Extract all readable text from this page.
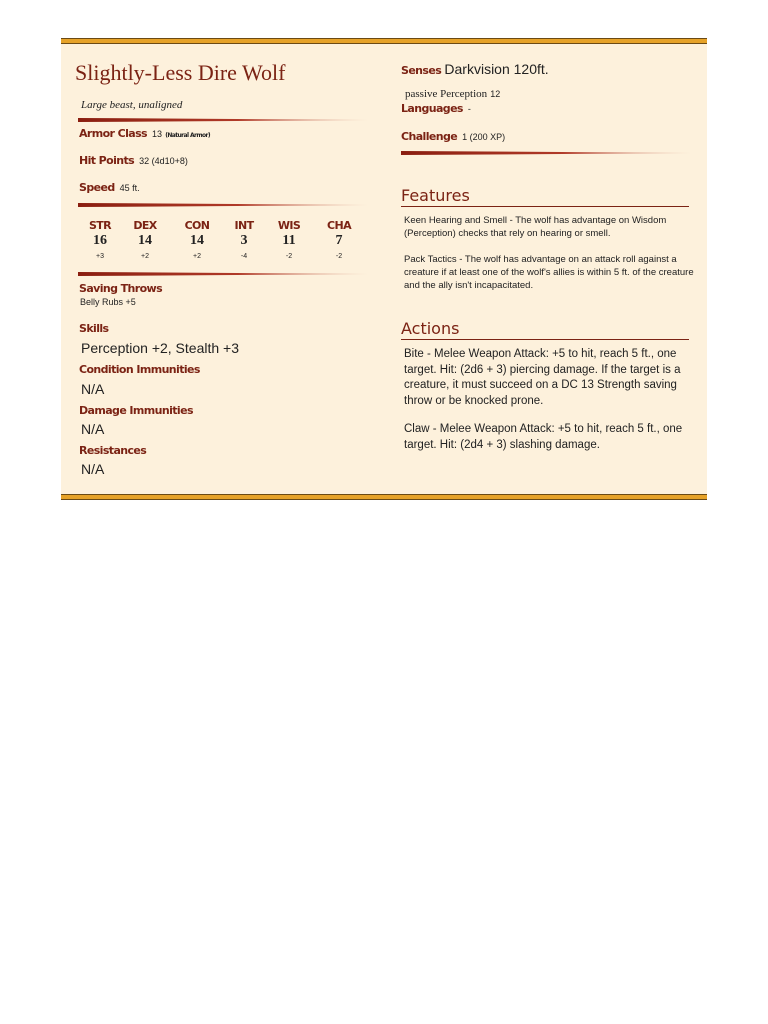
Slightly-Less Dire Wolf
Large beast, unaligned
Armor Class 13 (Natural Armor)
Hit Points 32 (4d10+8)
Speed 45 ft.
STR
16
+3
DEX
14
+2
CON
14
+2
INT
3
-4
WIS
11
-2
CHA
7
-2
Saving Throws
Belly Rubs +5
Skills
Perception +2, Stealth +3
Condition Immunities
N/A
Damage Immunities
N/A
Resistances
N/A
Senses Darkvision 120ft.
passive Perception 12
Languages -
Challenge 1 (200 XP)
Features
Keen Hearing and Smell - The wolf has advantage on Wisdom (Perception) checks that rely on hearing or smell.
Pack Tactics - The wolf has advantage on an attack roll against a creature if at least one of the wolf's allies is within 5 ft. of the creature and the ally isn't incapacitated.
Actions
Bite - Melee Weapon Attack: +5 to hit, reach 5 ft., one target. Hit: (2d6 + 3) piercing damage. If the target is a creature, it must succeed on a DC 13 Strength saving throw or be knocked prone.
Claw - Melee Weapon Attack: +5 to hit, reach 5 ft., one target. Hit: (2d4 + 3) slashing damage.
